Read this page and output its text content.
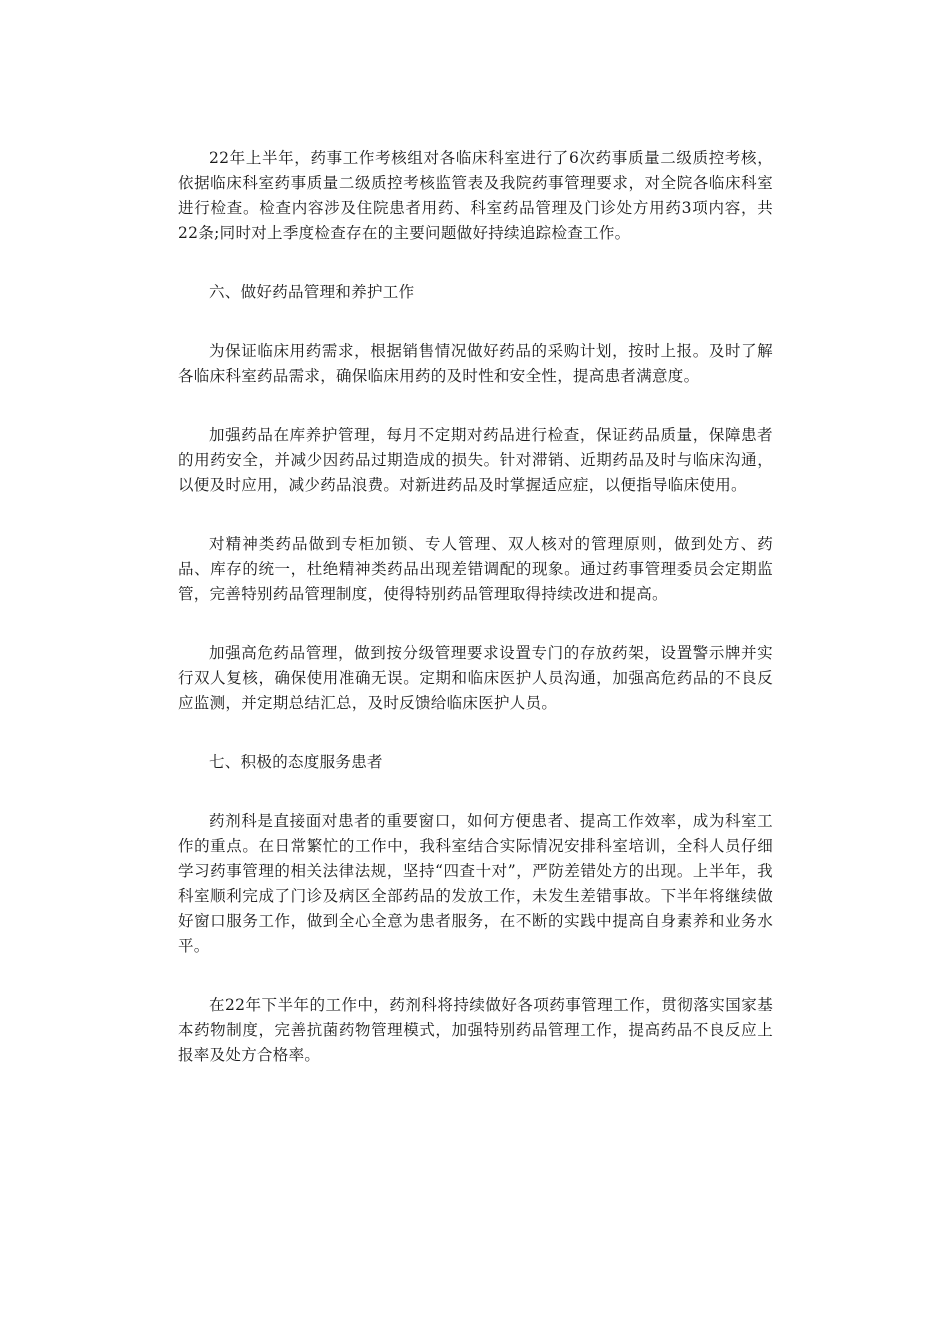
22年上半年，药事工作考核组对各临床科室进行了6次药事质量二级质控考核，依据临床科室药事质量二级质控考核监管表及我院药事管理要求，对全院各临床科室进行检查。检查内容涉及住院患者用药、科室药品管理及门诊处方用药3项内容，共22条;同时对上季度检查存在的主要问题做好持续追踪检查工作。

六、做好药品管理和养护工作

为保证临床用药需求，根据销售情况做好药品的采购计划，按时上报。及时了解各临床科室药品需求，确保临床用药的及时性和安全性，提高患者满意度。

加强药品在库养护管理，每月不定期对药品进行检查，保证药品质量，保障患者的用药安全，并减少因药品过期造成的损失。针对滞销、近期药品及时与临床沟通，以便及时应用，减少药品浪费。对新进药品及时掌握适应症，以便指导临床使用。

对精神类药品做到专柜加锁、专人管理、双人核对的管理原则，做到处方、药品、库存的统一，杜绝精神类药品出现差错调配的现象。通过药事管理委员会定期监管，完善特别药品管理制度，使得特别药品管理取得持续改进和提高。

加强高危药品管理，做到按分级管理要求设置专门的存放药架，设置警示牌并实行双人复核，确保使用准确无误。定期和临床医护人员沟通，加强高危药品的不良反应监测，并定期总结汇总，及时反馈给临床医护人员。

七、积极的态度服务患者

药剂科是直接面对患者的重要窗口，如何方便患者、提高工作效率，成为科室工作的重点。在日常繁忙的工作中，我科室结合实际情况安排科室培训，全科人员仔细学习药事管理的相关法律法规，坚持“四查十对”，严防差错处方的出现。上半年，我科室顺利完成了门诊及病区全部药品的发放工作，未发生差错事故。下半年将继续做好窗口服务工作，做到全心全意为患者服务，在不断的实践中提高自身素养和业务水平。

在22年下半年的工作中，药剂科将持续做好各项药事管理工作，贯彻落实国家基本药物制度，完善抗菌药物管理模式，加强特别药品管理工作，提高药品不良反应上报率及处方合格率。
